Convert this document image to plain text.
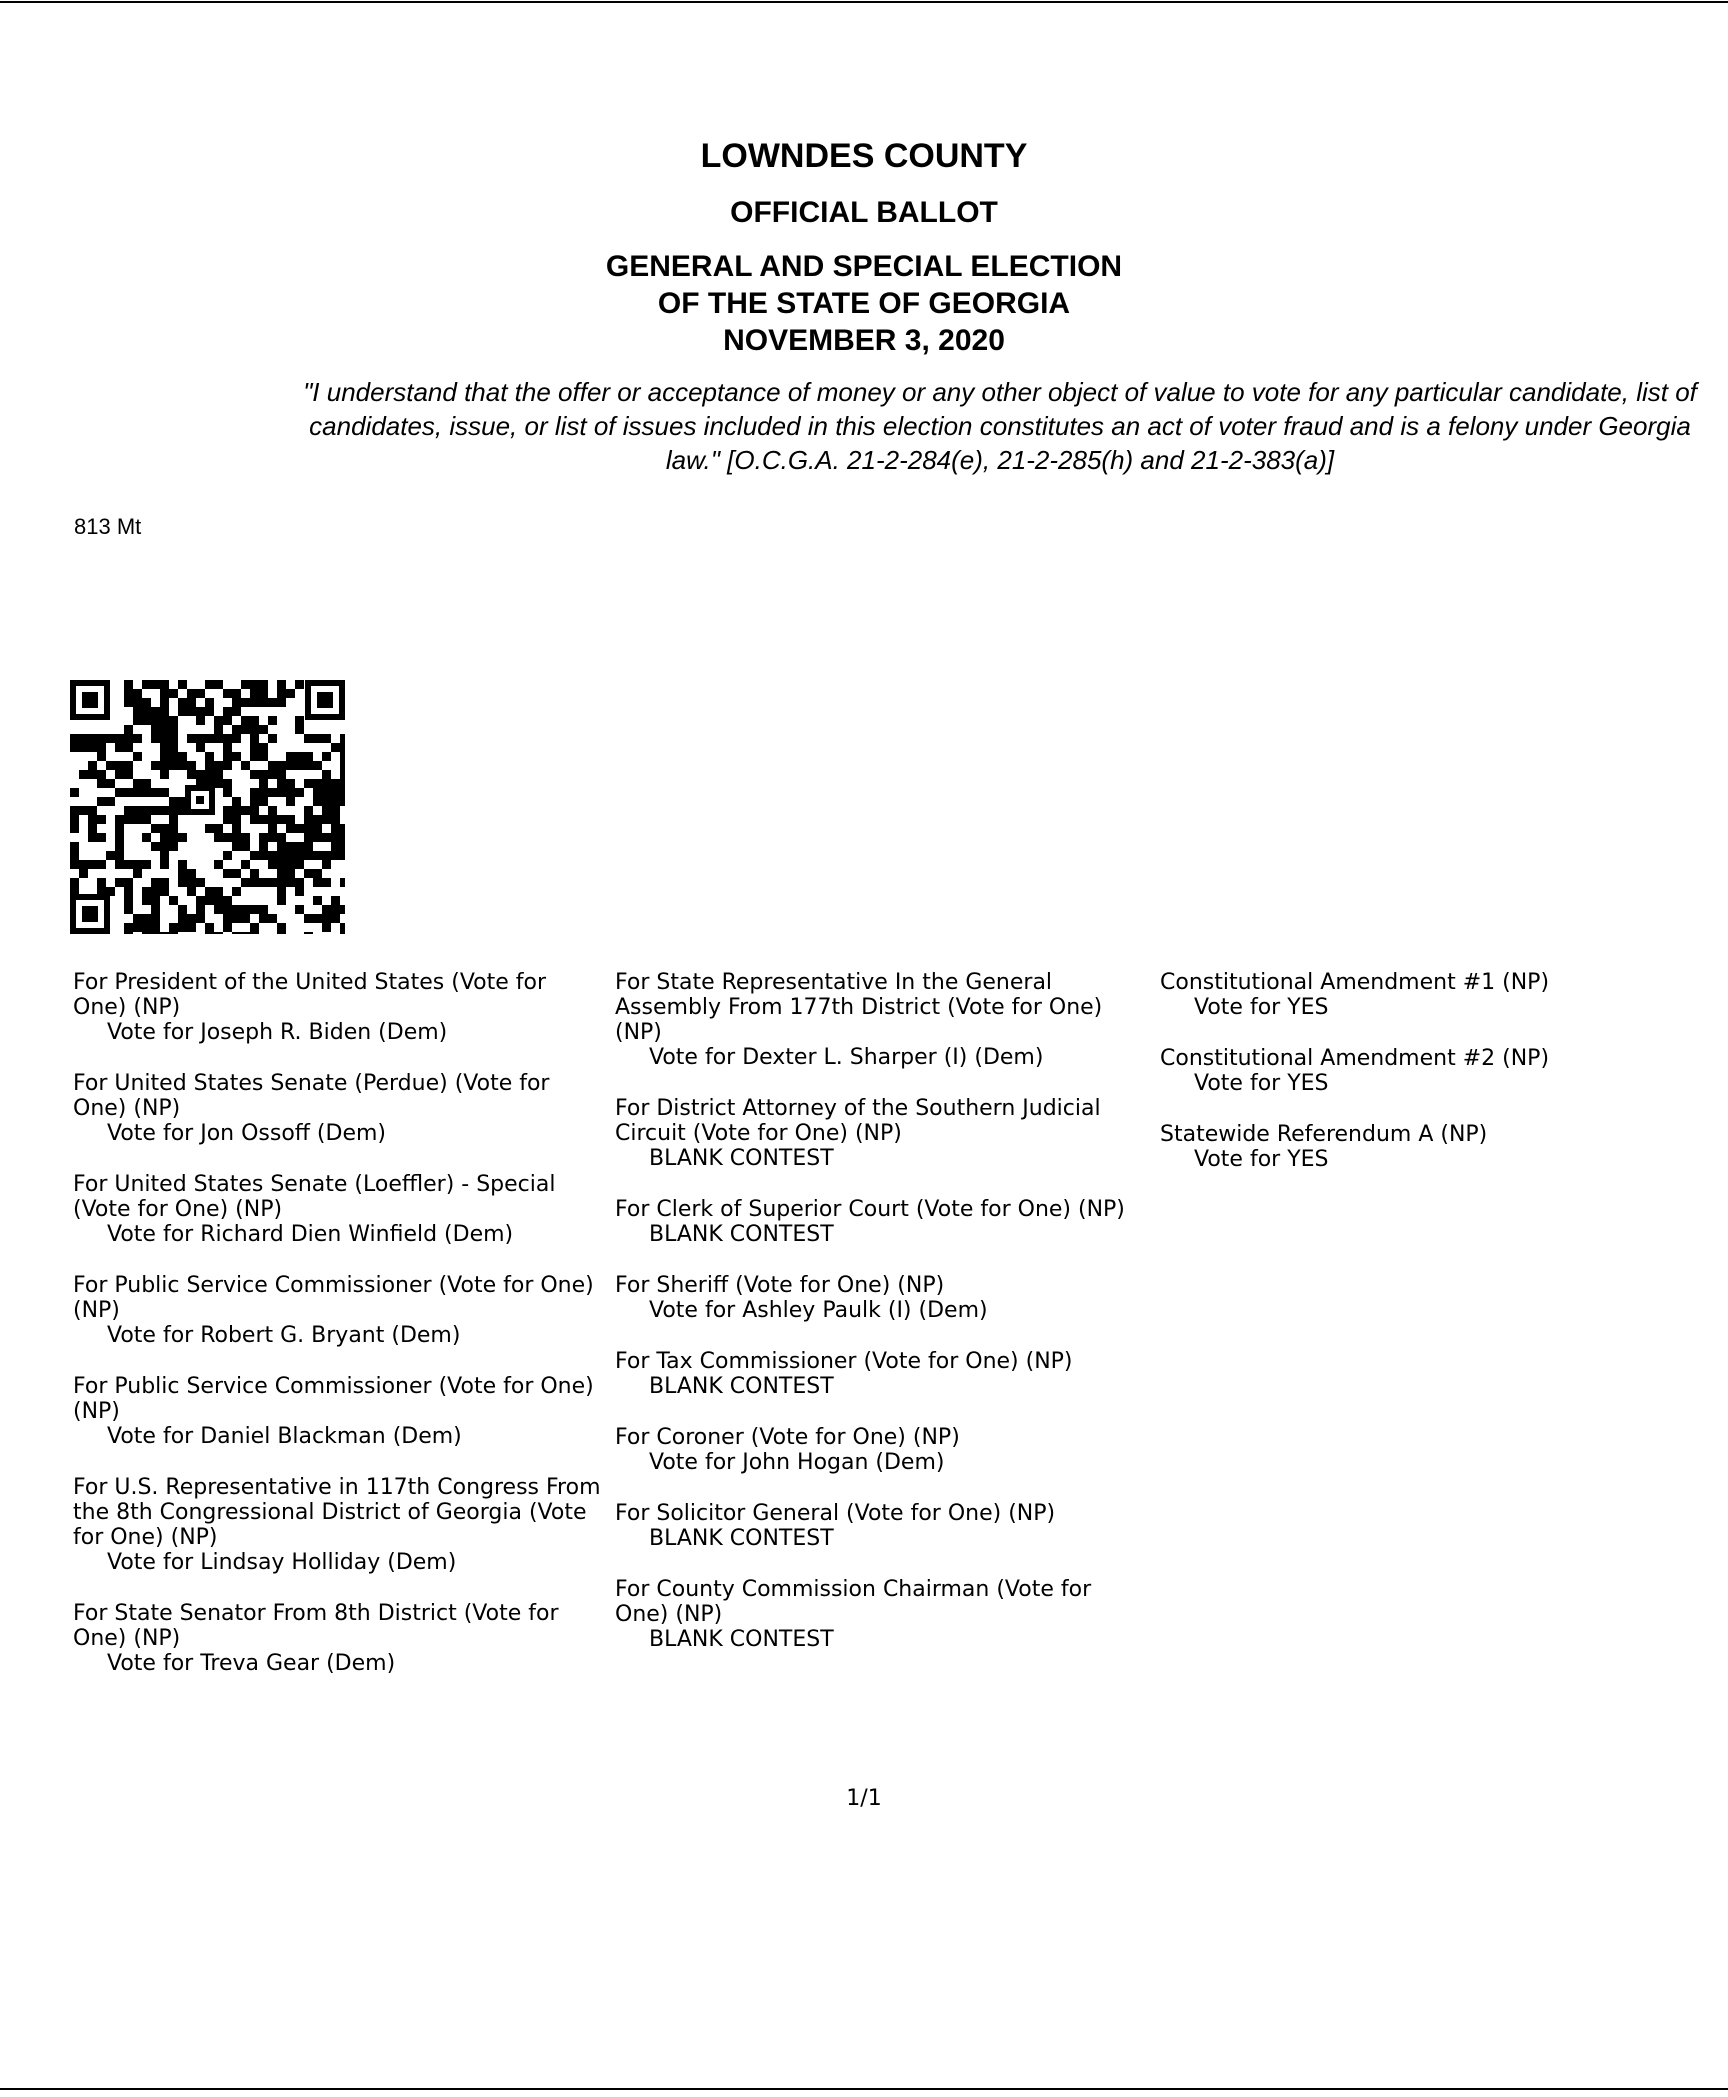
LOWNDES COUNTY
OFFICIAL BALLOT
GENERAL AND SPECIAL ELECTION
OF THE STATE OF GEORGIA
NOVEMBER 3, 2020
"I understand that the offer or acceptance of money or any other object of value to vote for any particular candidate, list of candidates, issue, or list of issues included in this election constitutes an act of voter fraud and is a felony under Georgia law." [O.C.G.A. 21-2-284(e), 21-2-285(h) and 21-2-383(a)]
813 Mt
For President of the United States (Vote for One) (NP)
Vote for Joseph R. Biden (Dem)
For United States Senate (Perdue) (Vote for One) (NP)
Vote for Jon Ossoff (Dem)
For United States Senate (Loeffler) - Special (Vote for One) (NP)
Vote for Richard Dien Winfield (Dem)
For Public Service Commissioner (Vote for One) (NP)
Vote for Robert G. Bryant (Dem)
For Public Service Commissioner (Vote for One) (NP)
Vote for Daniel Blackman (Dem)
For U.S. Representative in 117th Congress From the 8th Congressional District of Georgia (Vote for One) (NP)
Vote for Lindsay Holliday (Dem)
For State Senator From 8th District (Vote for One) (NP)
Vote for Treva Gear (Dem)
For State Representative In the General Assembly From 177th District (Vote for One) (NP)
Vote for Dexter L. Sharper (I) (Dem)
For District Attorney of the Southern Judicial Circuit (Vote for One) (NP)
BLANK CONTEST
For Clerk of Superior Court (Vote for One) (NP)
BLANK CONTEST
For Sheriff (Vote for One) (NP)
Vote for Ashley Paulk (I) (Dem)
For Tax Commissioner (Vote for One) (NP)
BLANK CONTEST
For Coroner (Vote for One) (NP)
Vote for John Hogan (Dem)
For Solicitor General (Vote for One) (NP)
BLANK CONTEST
For County Commission Chairman (Vote for One) (NP)
BLANK CONTEST
Constitutional Amendment #1 (NP)
Vote for YES
Constitutional Amendment #2 (NP)
Vote for YES
Statewide Referendum A (NP)
Vote for YES
1/1
